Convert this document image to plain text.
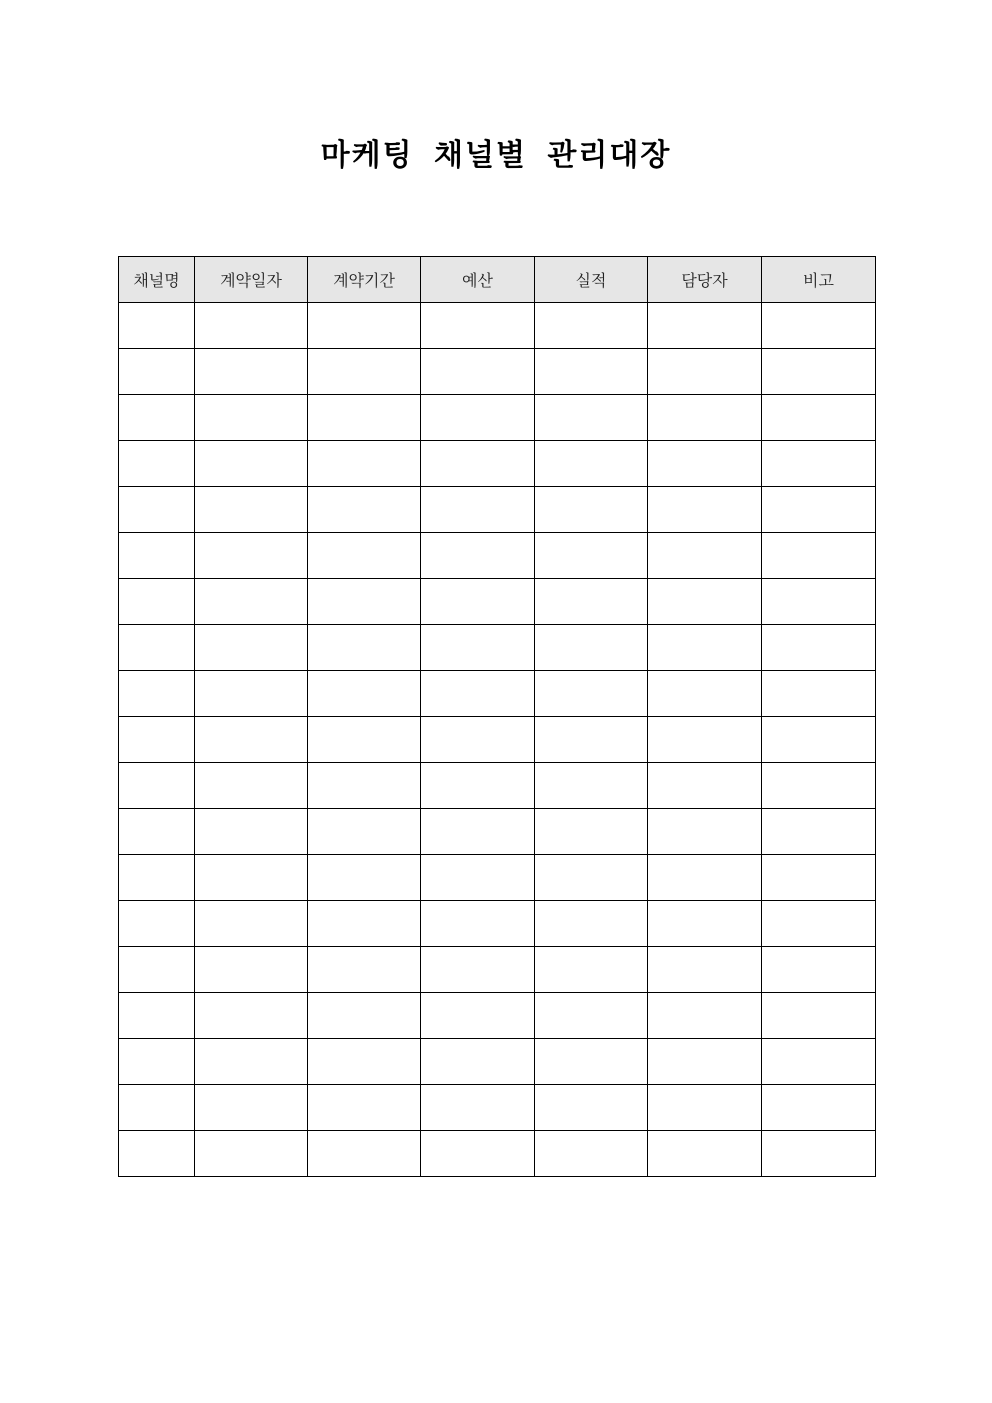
마케팅 채널별 관리대장
채널명	계약일자	계약기간	예산	실적	담당자	비고
